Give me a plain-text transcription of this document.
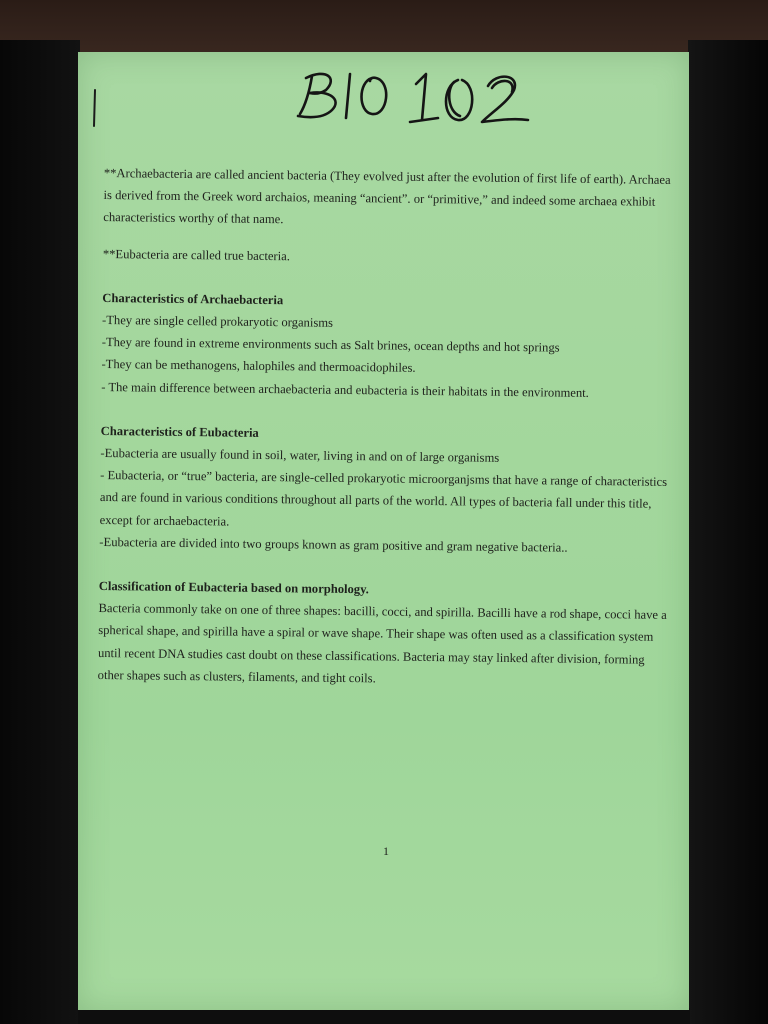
**Archaebacteria are called ancient bacteria (They evolved just after the evolution of first life of earth). Archaea is derived from the Greek word archaios, meaning “ancient”. or “primitive,” and indeed some archaea exhibit characteristics worthy of that name.

**Eubacteria are called true bacteria.

Characteristics of Archaebacteria

-They are single celled prokaryotic organisms

-They are found in extreme environments such as Salt brines, ocean depths and hot springs

-They can be methanogens, halophiles and thermoacidophiles.

- The main difference between archaebacteria and eubacteria is their habitats in the environment.

Characteristics of Eubacteria

-Eubacteria are usually found in soil, water, living in and on of large organisms

- Eubacteria, or “true” bacteria, are single-celled prokaryotic microorganjsms that have a range of characteristics and are found in various conditions throughout all parts of the world. All types of bacteria fall under this title, except for archaebacteria.

-Eubacteria are divided into two groups known as gram positive and gram negative bacteria..

Classification of Eubacteria based on morphology.

Bacteria commonly take on one of three shapes: bacilli, cocci, and spirilla. Bacilli have a rod shape, cocci have a spherical shape, and spirilla have a spiral or wave shape. Their shape was often used as a classification system until recent DNA studies cast doubt on these classifications. Bacteria may stay linked after division, forming other shapes such as clusters, filaments, and tight coils.

1
